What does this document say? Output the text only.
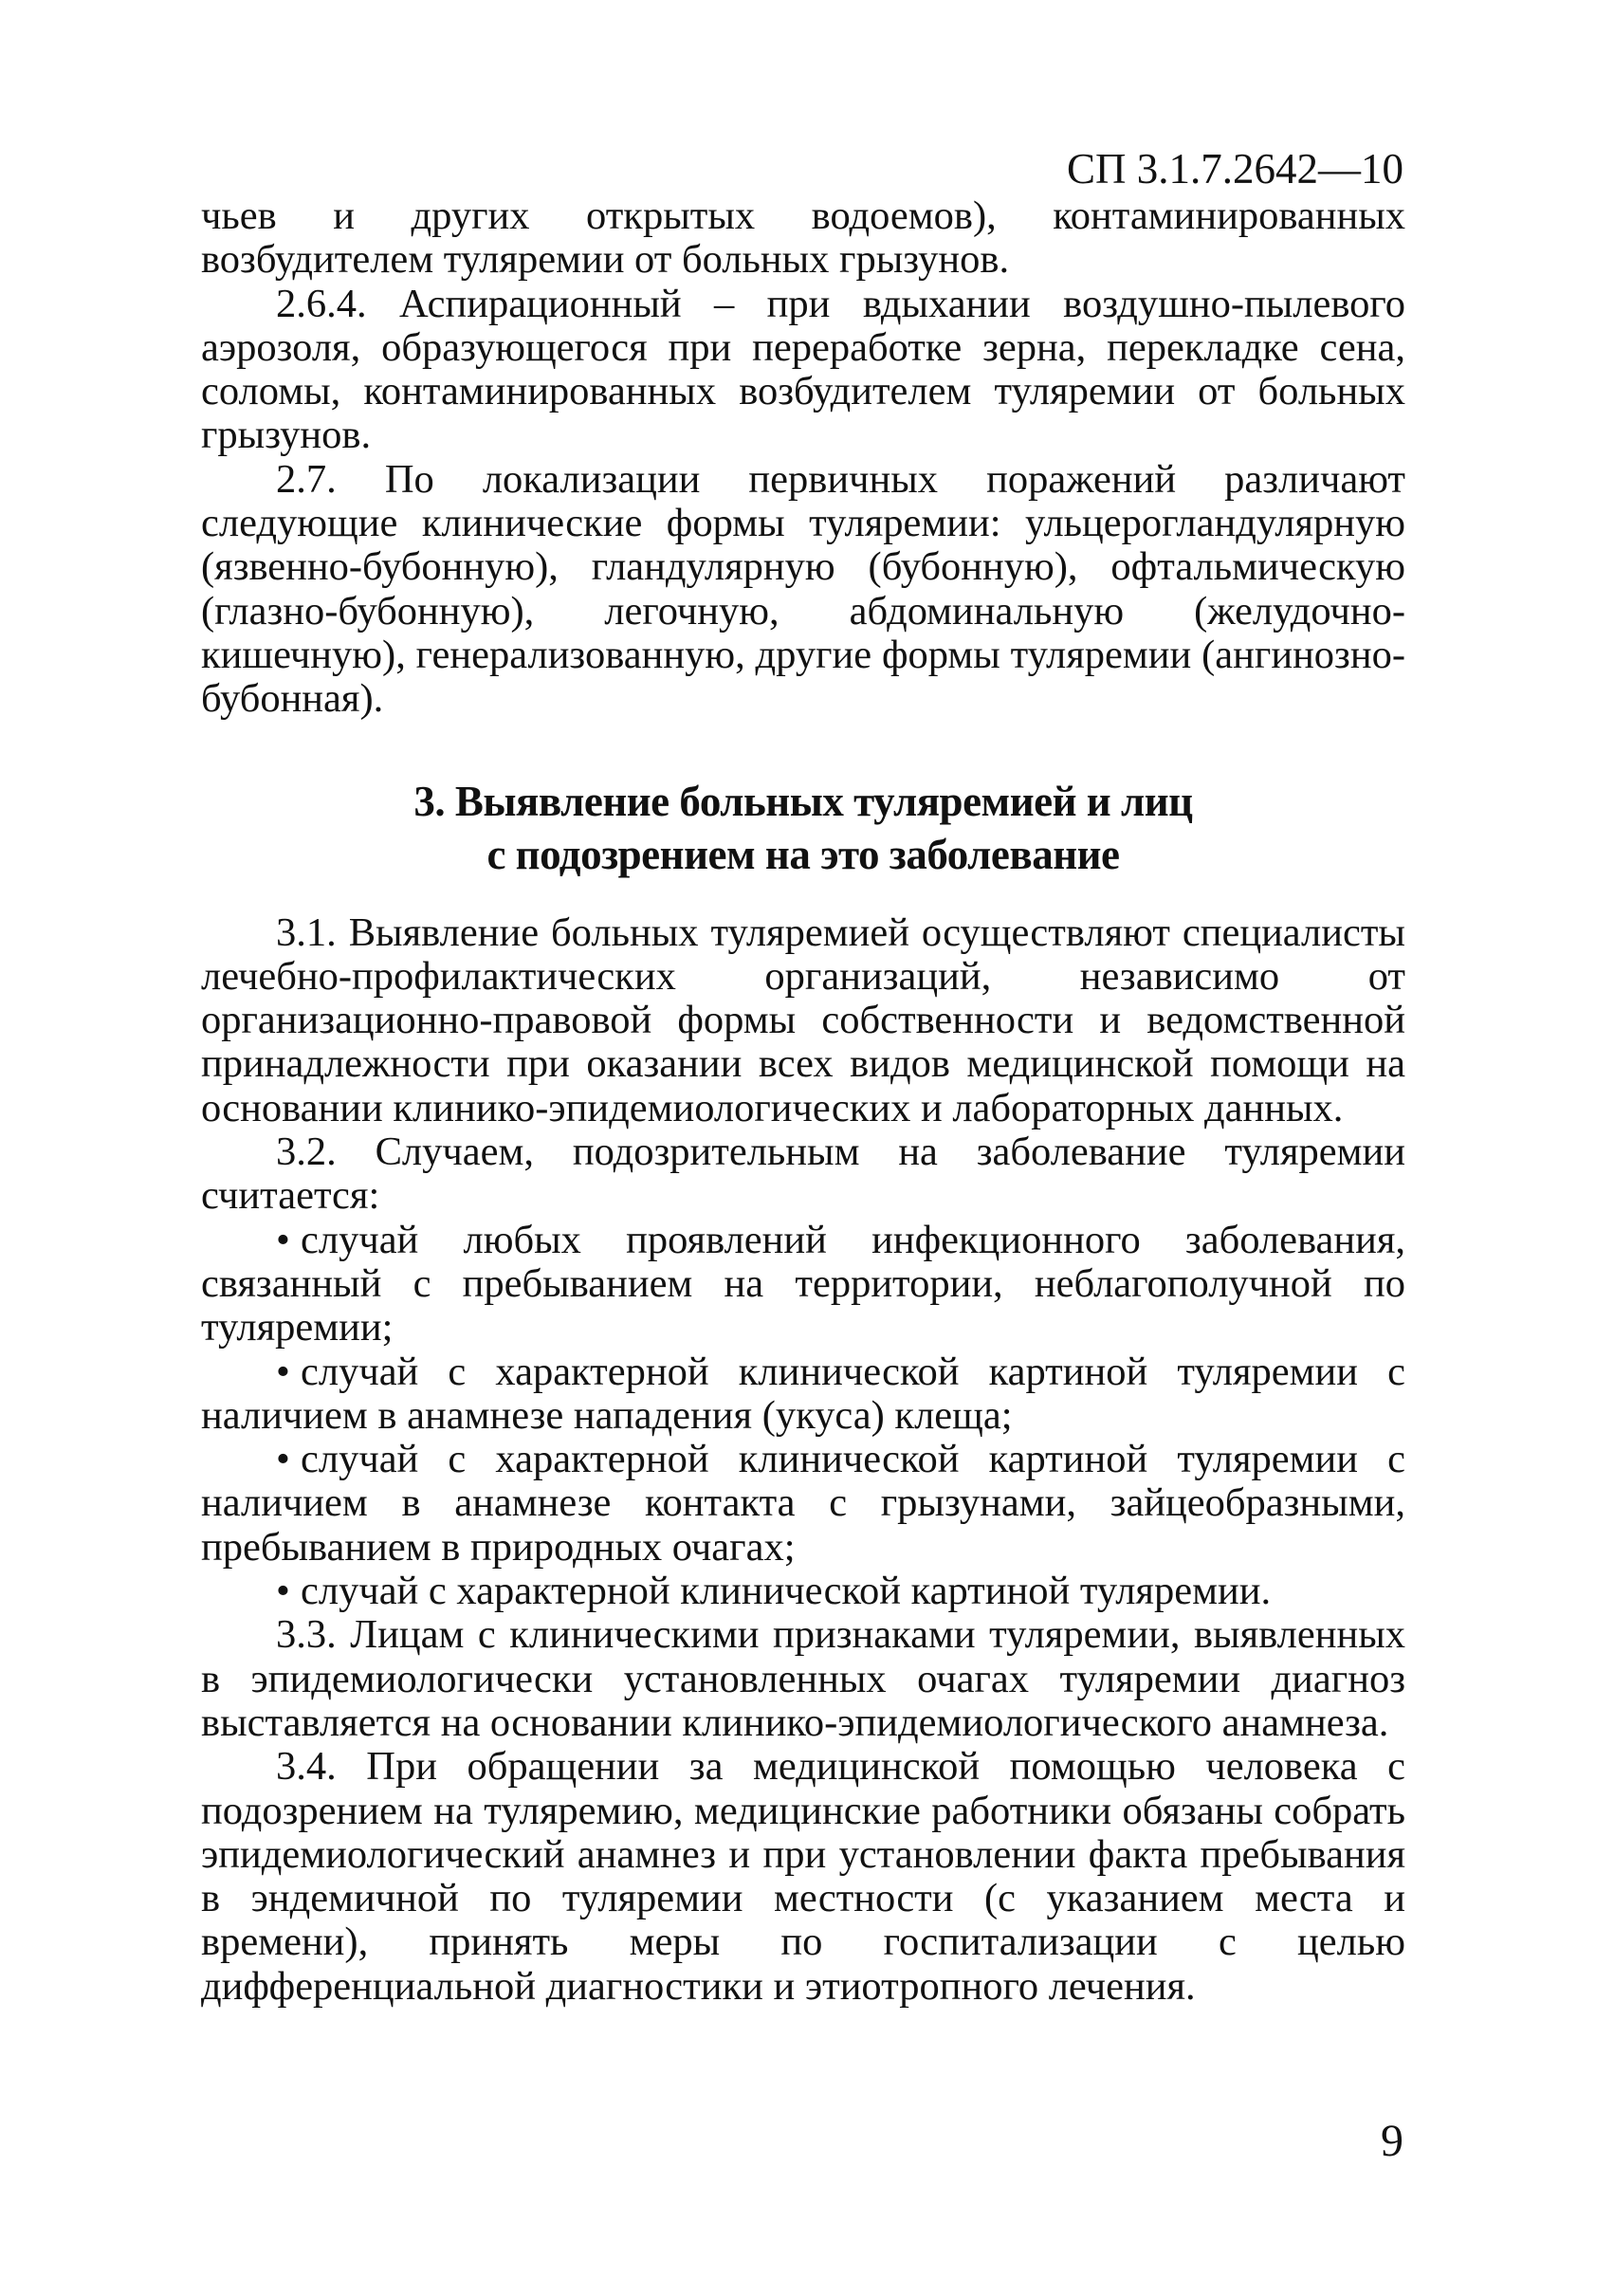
СП 3.1.7.2642—10

чьев и других открытых водоемов), контаминированных возбудителем туляремии от больных грызунов.

2.6.4. Аспирационный – при вдыхании воздушно-пылевого аэрозоля, образующегося при переработке зерна, перекладке сена, соломы, контаминированных возбудителем туляремии от больных грызунов.

2.7. По локализации первичных поражений различают следующие клинические формы туляремии: ульцерогландулярную (язвенно-бубонную), гландулярную (бубонную), офтальмическую (глазно-бубонную), легочную, абдоминальную (желудочно-кишечную), генерализованную, другие формы туляремии (ангинозно-бубонная).

3. Выявление больных туляремией и лиц
с подозрением на это заболевание

3.1. Выявление больных туляремией осуществляют специалисты лечебно-профилактических организаций, независимо от организационно-правовой формы собственности и ведомственной принадлежности при оказании всех видов медицинской помощи на основании клинико-эпидемиологических и лабораторных данных.

3.2. Случаем, подозрительным на заболевание туляремии считается:

• случай любых проявлений инфекционного заболевания, связанный с пребыванием на территории, неблагополучной по туляремии;

• случай с характерной клинической картиной туляремии с наличием в анамнезе нападения (укуса) клеща;

• случай с характерной клинической картиной туляремии с наличием в анамнезе контакта с грызунами, зайцеобразными, пребыванием в природных очагах;

• случай с характерной клинической картиной туляремии.

3.3. Лицам с клиническими признаками туляремии, выявленных в эпидемиологически установленных очагах туляремии диагноз выставляется на основании клинико-эпидемиологического анамнеза.

3.4. При обращении за медицинской помощью человека с подозрением на туляремию, медицинские работники обязаны собрать эпидемиологический анамнез и при установлении факта пребывания в эндемичной по туляремии местности (с указанием места и времени), принять меры по госпитализации с целью дифференциальной диагностики и этиотропного лечения.

9
